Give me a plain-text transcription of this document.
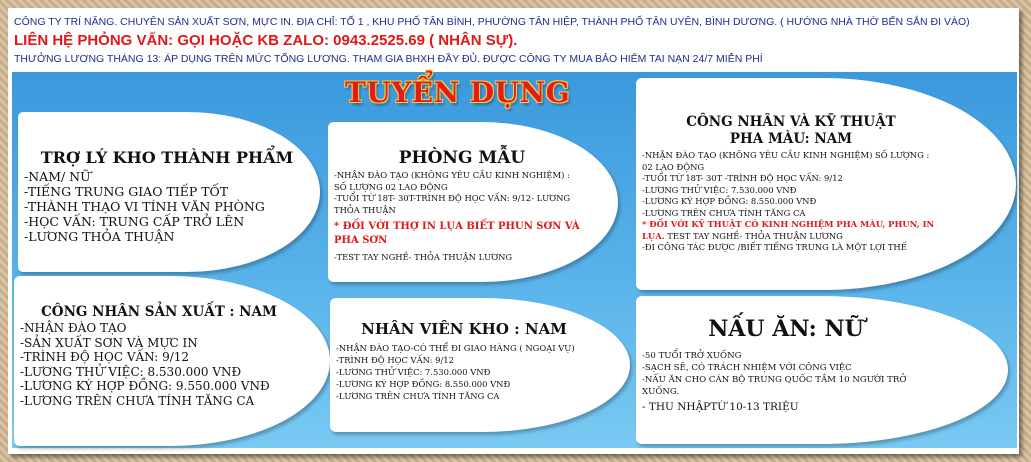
CÔNG TY TRÍ NĂNG. CHUYÊN SẢN XUẤT SƠN, MỰC IN. ĐỊA CHỈ: TỔ 1 , KHU PHỐ TÂN BÌNH, PHƯỜNG TÂN HIỆP, THÀNH PHỐ TÂN UYÊN, BÌNH DƯƠNG. ( HƯỚNG NHÀ THỜ BẾN SẮN ĐI VÀO)
LIÊN HỆ PHỎNG VẤN: GỌI HOẶC KB ZALO: 0943.2525.69 ( NHÂN SỰ).
THƯỞNG LƯƠNG THÁNG 13: ÁP DỤNG TRÊN MỨC TỔNG LƯƠNG. THAM GIA BHXH ĐẦY ĐỦ. ĐƯỢC CÔNG TY MUA BẢO HIỂM TAI NẠN 24/7 MIỄN PHÍ
TUYỂN DỤNG
TRỢ LÝ KHO THÀNH PHẨM
-NAM/ NỮ
-TIẾNG TRUNG GIAO TIẾP TỐT
-THÀNH THẠO VI TÍNH VĂN PHÒNG
-HỌC VẤN: TRUNG CẤP TRỞ LÊN
-LƯƠNG THỎA THUẬN
PHÒNG MẪU
-NHẬN ĐÀO TẠO (KHÔNG YÊU CẦU KINH NGHIỆM) :
SỐ LƯỢNG 02 LAO ĐỘNG
-TUỔI TỪ 18T- 30T-TRÌNH ĐỘ HỌC VẤN: 9/12- LƯƠNG
THỎA THUẬN
* ĐỐI VỚI THỢ IN LỤA BIẾT PHUN SƠN VÀ
PHA SƠN
-TEST TAY NGHỀ- THỎA THUẬN LƯƠNG
CÔNG NHÂN VÀ KỸ THUẬT
PHA MÀU: NAM
-NHẬN ĐÀO TẠO (KHÔNG YÊU CẦU KINH NGHIỆM) SỐ LƯỢNG :
02 LAO ĐỘNG
-TUỔI TỪ 18T- 30T -TRÌNH ĐỘ HỌC VẤN: 9/12
-LƯƠNG THỬ VIỆC: 7.530.000 VNĐ
-LƯƠNG KÝ HỢP ĐỒNG: 8.550.000 VNĐ
-LƯƠNG TRÊN CHƯA TÍNH TĂNG CA
* ĐỐI VỚI KỸ THUẬT CÓ KINH NGHIỆM PHA MÀU, PHUN, IN
LỤA. TEST TAY NGHỀ- THỎA THUẬN LƯƠNG
-ĐI CÔNG TÁC ĐƯỢC /BIẾT TIẾNG TRUNG LÀ MỘT LỢI THẾ
CÔNG NHÂN SẢN XUẤT : NAM
-NHẬN ĐÀO TẠO
-SẢN XUẤT SƠN VÀ MỰC IN
-TRÌNH ĐỘ HỌC VẤN: 9/12
-LƯƠNG THỬ VIỆC: 8.530.000 VNĐ
-LƯƠNG KÝ HỢP ĐỒNG: 9.550.000 VNĐ
-LƯƠNG TRÊN CHƯA TÍNH TĂNG CA
NHÂN VIÊN KHO : NAM
-NHẬN ĐÀO TẠO-CÓ THỂ ĐI GIAO HÀNG ( NGOẠI VỤ)
-TRÌNH ĐỘ HỌC VẤN: 9/12
-LƯƠNG THỬ VIỆC: 7.530.000 VNĐ
-LƯƠNG KÝ HỢP ĐỒNG: 8.550.000 VNĐ
-LƯƠNG TRÊN CHƯA TÍNH TĂNG CA
NẤU ĂN: NỮ
-50 TUỔI TRỞ XUỐNG
-SẠCH SẼ, CÓ TRÁCH NHIỆM VỚI CÔNG VIỆC
-NẤU ĂN CHO CÁN BỘ TRUNG QUỐC TẦM 10 NGƯỜI TRỞ
XUỐNG.
- THU NHẬPTỪ 10-13 TRIỆU
